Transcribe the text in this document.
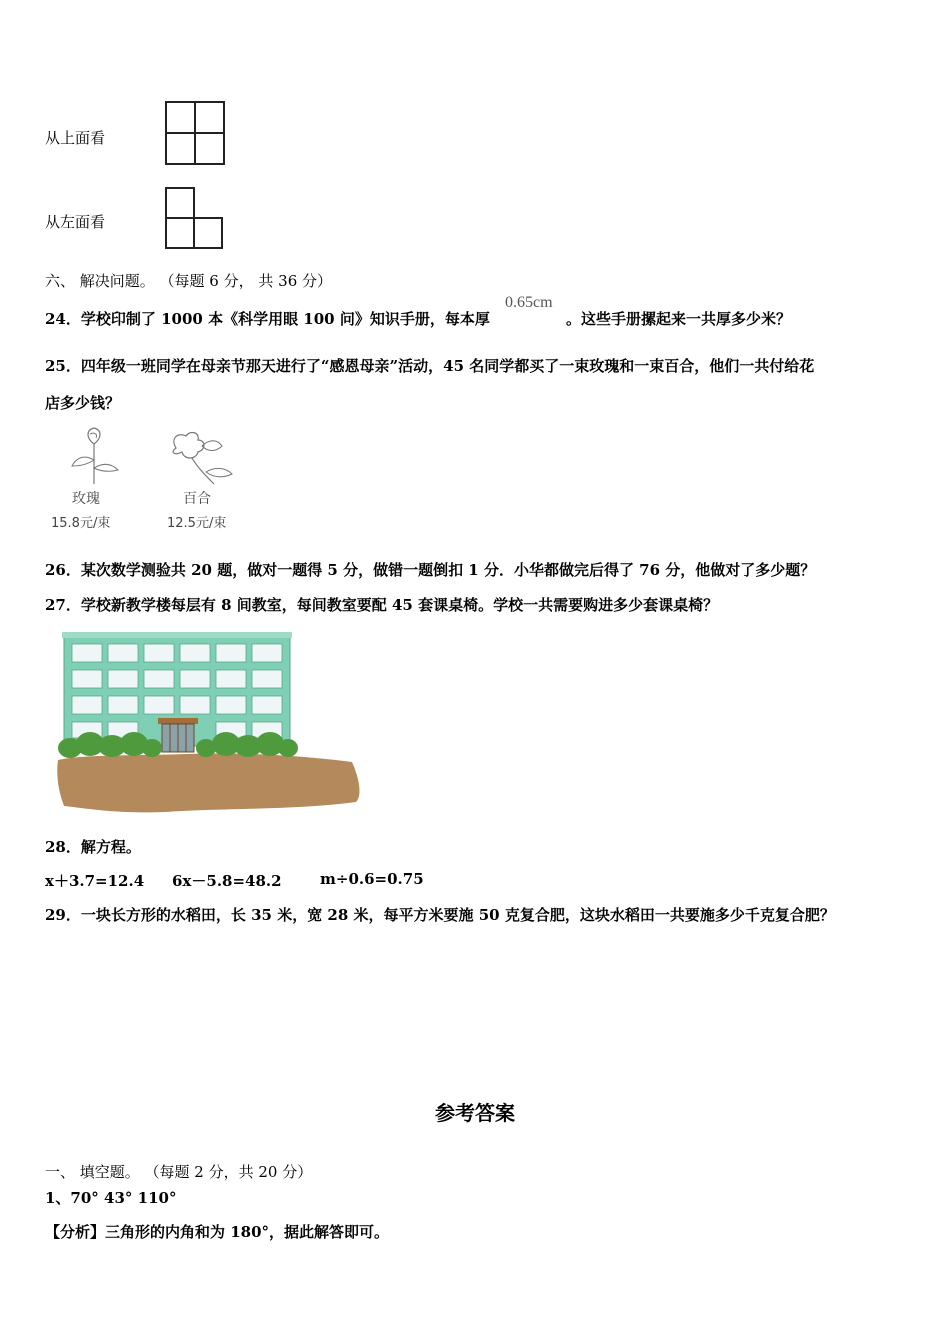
从上面看
从左面看
六、 解决问题。 （每题 6 分， 共 36 分）
24．学校印制了 1000 本《科学用眼 100 问》知识手册，每本厚
0.65cm
。这些手册摞起来一共厚多少米？
25．四年级一班同学在母亲节那天进行了“感恩母亲”活动，45 名同学都买了一束玫瑰和一束百合，他们一共付给花
店多少钱？
玫瑰
15.8元/束
百合
12.5元/束
26．某次数学测验共 20 题，做对一题得 5 分，做错一题倒扣 1 分．小华都做完后得了 76 分，他做对了多少题？
27．学校新教学楼每层有 8 间教室，每间教室要配 45 套课桌椅。学校一共需要购进多少套课桌椅？
28．解方程。
x＋3.7=12.4 6x－5.8=48.2	m÷0.6=0.75
29．一块长方形的水稻田，长 35 米，宽 28 米，每平方米要施 50 克复合肥，这块水稻田一共要施多少千克复合肥？
参考答案
一、 填空题。 （每题 2 分，共 20 分）
1、70° 43° 110°
【分析】三角形的内角和为 180°，据此解答即可。
